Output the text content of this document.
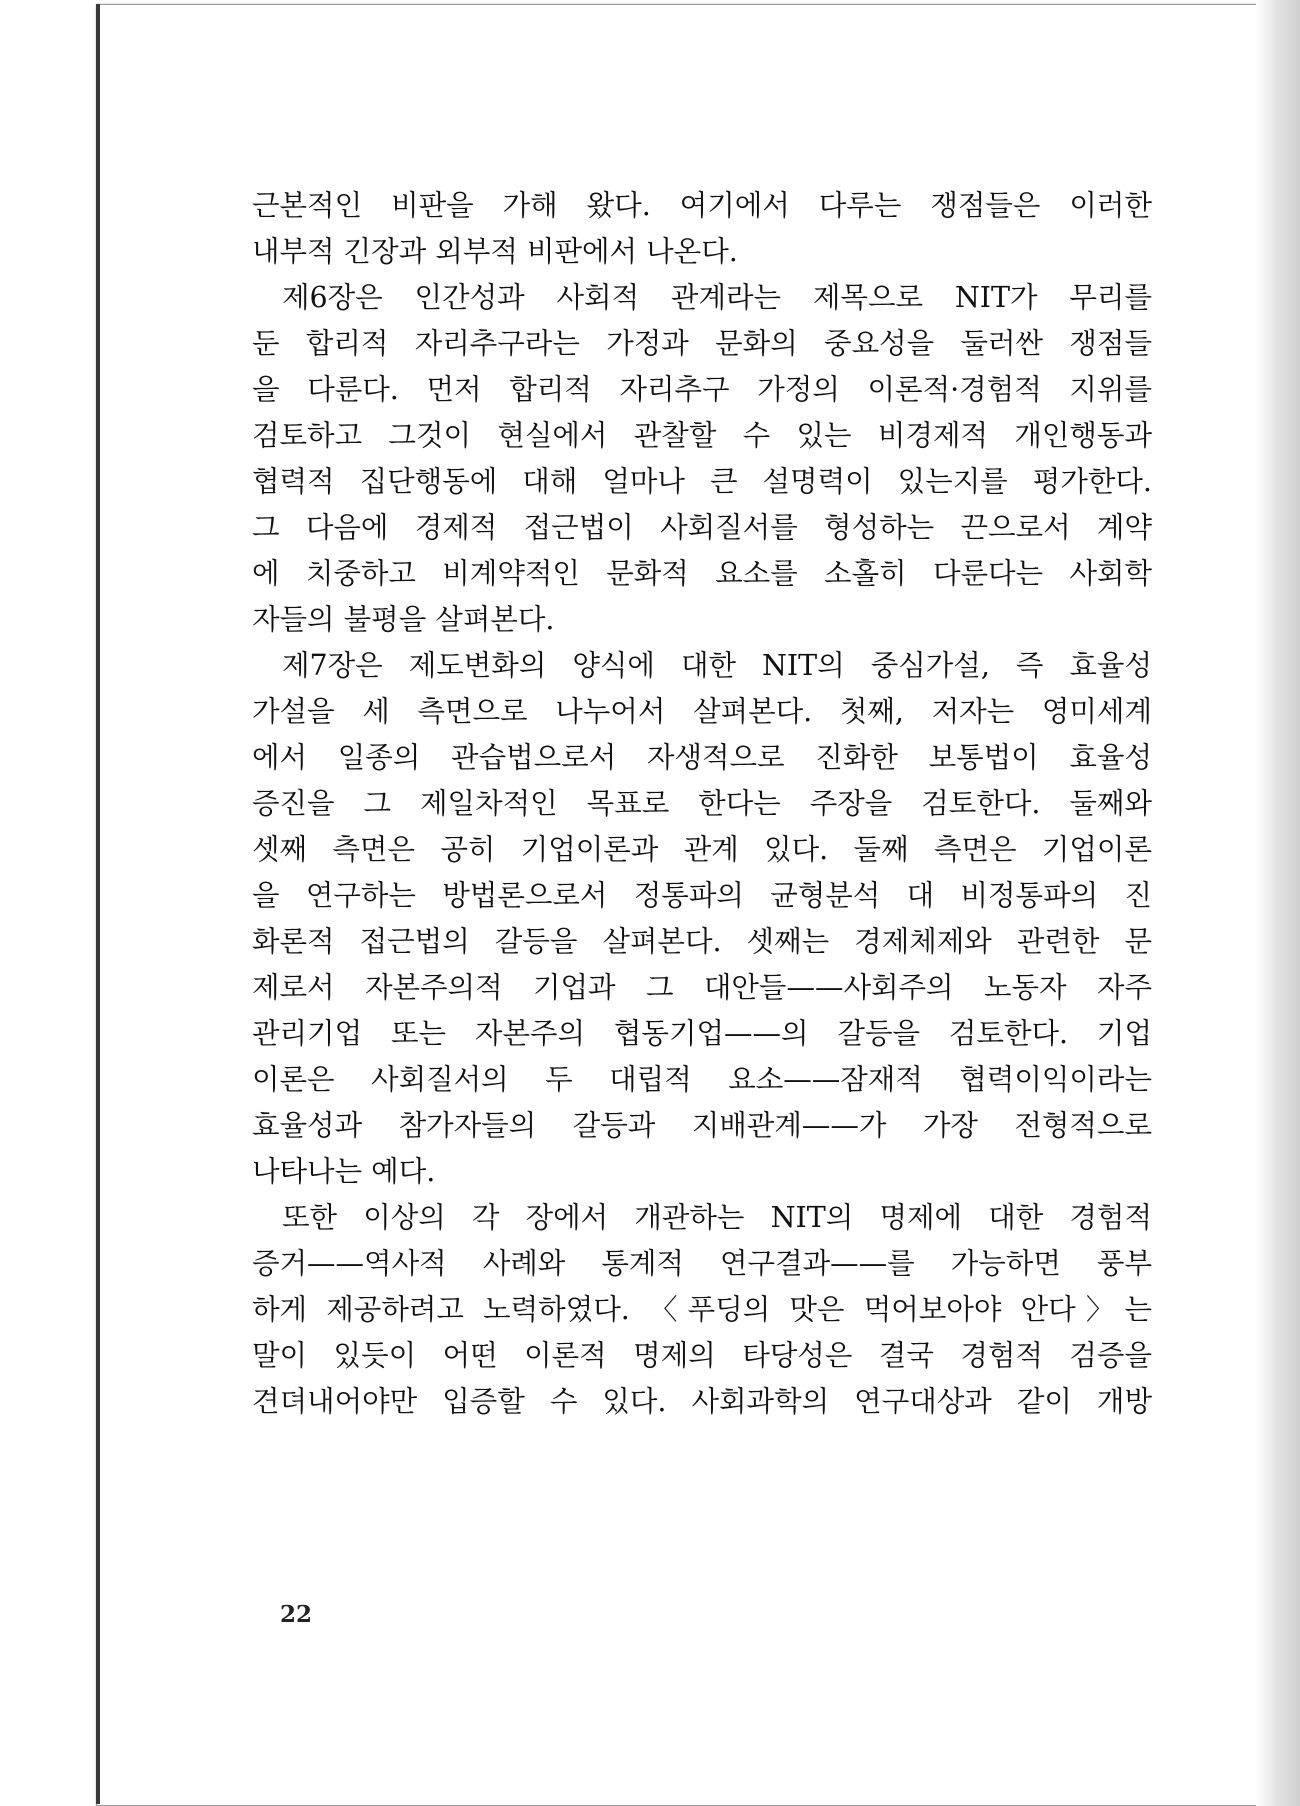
근본적인 비판을 가해 왔다. 여기에서 다루는 쟁점들은 이러한
내부적 긴장과 외부적 비판에서 나온다.
제6장은 인간성과 사회적 관계라는 제목으로 NIT가 무리를
둔 합리적 자리추구라는 가정과 문화의 중요성을 둘러싼 쟁점들
을 다룬다. 먼저 합리적 자리추구 가정의 이론적·경험적 지위를
검토하고 그것이 현실에서 관찰할 수 있는 비경제적 개인행동과
협력적 집단행동에 대해 얼마나 큰 설명력이 있는지를 평가한다.
그 다음에 경제적 접근법이 사회질서를 형성하는 끈으로서 계약
에 치중하고 비계약적인 문화적 요소를 소홀히 다룬다는 사회학
자들의 불평을 살펴본다.
제7장은 제도변화의 양식에 대한 NIT의 중심가설, 즉 효율성
가설을 세 측면으로 나누어서 살펴본다. 첫째, 저자는 영미세계
에서 일종의 관습법으로서 자생적으로 진화한 보통법이 효율성
증진을 그 제일차적인 목표로 한다는 주장을 검토한다. 둘째와
셋째 측면은 공히 기업이론과 관계 있다. 둘째 측면은 기업이론
을 연구하는 방법론으로서 정통파의 균형분석 대 비정통파의 진
화론적 접근법의 갈등을 살펴본다. 셋째는 경제체제와 관련한 문
제로서 자본주의적 기업과 그 대안들——사회주의 노동자 자주
관리기업 또는 자본주의 협동기업——의 갈등을 검토한다. 기업
이론은 사회질서의 두 대립적 요소——잠재적 협력이익이라는
효율성과 참가자들의 갈등과 지배관계——가 가장 전형적으로
나타나는 예다.
또한 이상의 각 장에서 개관하는 NIT의 명제에 대한 경험적
증거——역사적 사례와 통계적 연구결과——를 가능하면 풍부
하게 제공하려고 노력하였다. 〈푸딩의 맛은 먹어보아야 안다〉는
말이 있듯이 어떤 이론적 명제의 타당성은 결국 경험적 검증을
견뎌내어야만 입증할 수 있다. 사회과학의 연구대상과 같이 개방
22
